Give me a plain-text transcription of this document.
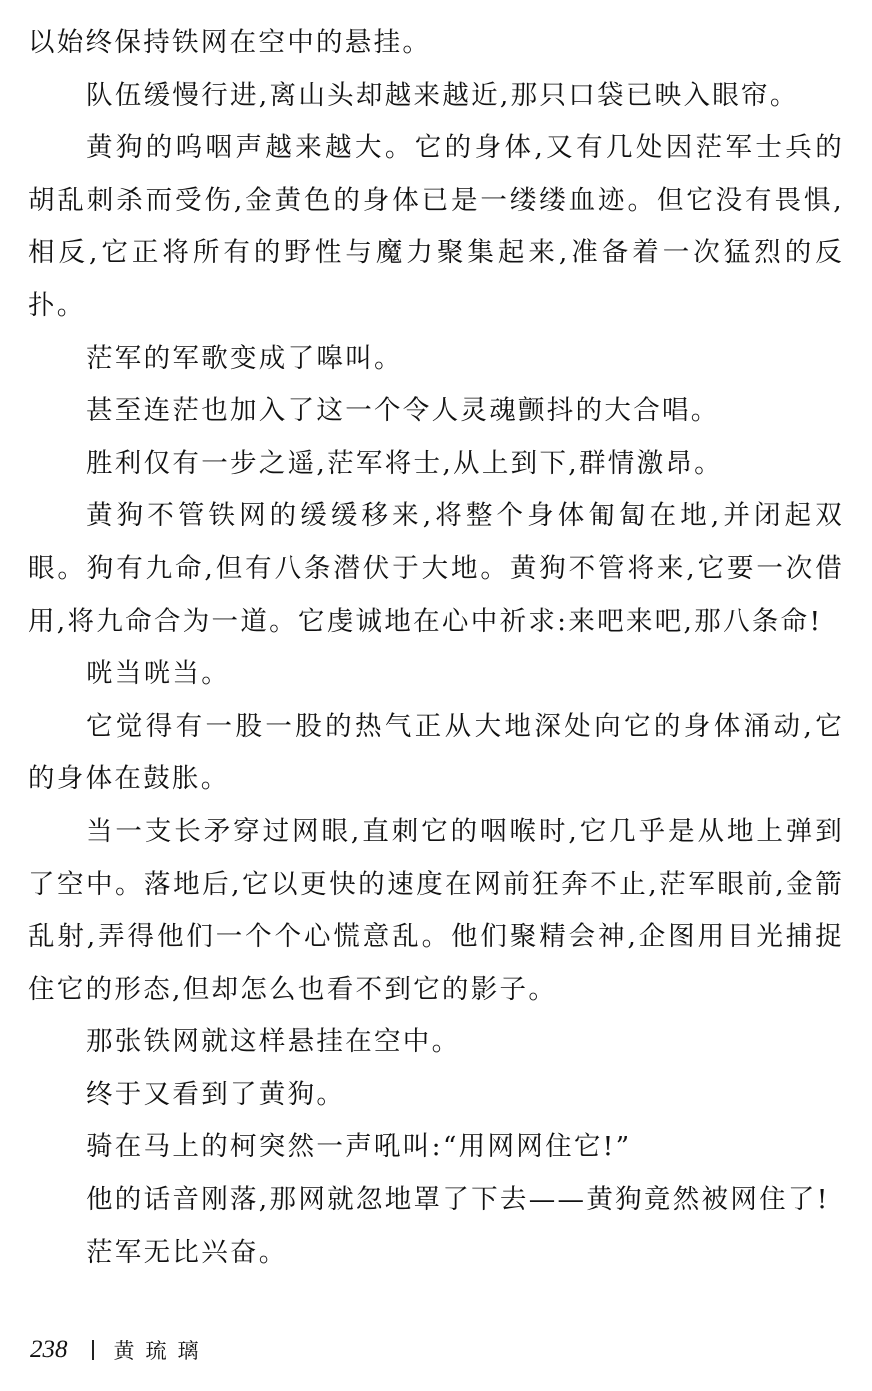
以始终保持铁网在空中的悬挂。

队伍缓慢行进,离山头却越来越近,那只口袋已映入眼帘。

黄狗的呜咽声越来越大。它的身体,又有几处因茫军士兵的胡乱刺杀而受伤,金黄色的身体已是一缕缕血迹。但它没有畏惧,相反,它正将所有的野性与魔力聚集起来,准备着一次猛烈的反扑。

茫军的军歌变成了嗥叫。

甚至连茫也加入了这一个令人灵魂颤抖的大合唱。

胜利仅有一步之遥,茫军将士,从上到下,群情激昂。

黄狗不管铁网的缓缓移来,将整个身体匍匐在地,并闭起双眼。狗有九命,但有八条潜伏于大地。黄狗不管将来,它要一次借用,将九命合为一道。它虔诚地在心中祈求:来吧来吧,那八条命!

咣当咣当。

它觉得有一股一股的热气正从大地深处向它的身体涌动,它的身体在鼓胀。

当一支长矛穿过网眼,直刺它的咽喉时,它几乎是从地上弹到了空中。落地后,它以更快的速度在网前狂奔不止,茫军眼前,金箭乱射,弄得他们一个个心慌意乱。他们聚精会神,企图用目光捕捉住它的形态,但却怎么也看不到它的影子。

那张铁网就这样悬挂在空中。

终于又看到了黄狗。

骑在马上的柯突然一声吼叫:“用网网住它!”

他的话音刚落,那网就忽地罩了下去——黄狗竟然被网住了!

茫军无比兴奋。

238 黄琉璃
